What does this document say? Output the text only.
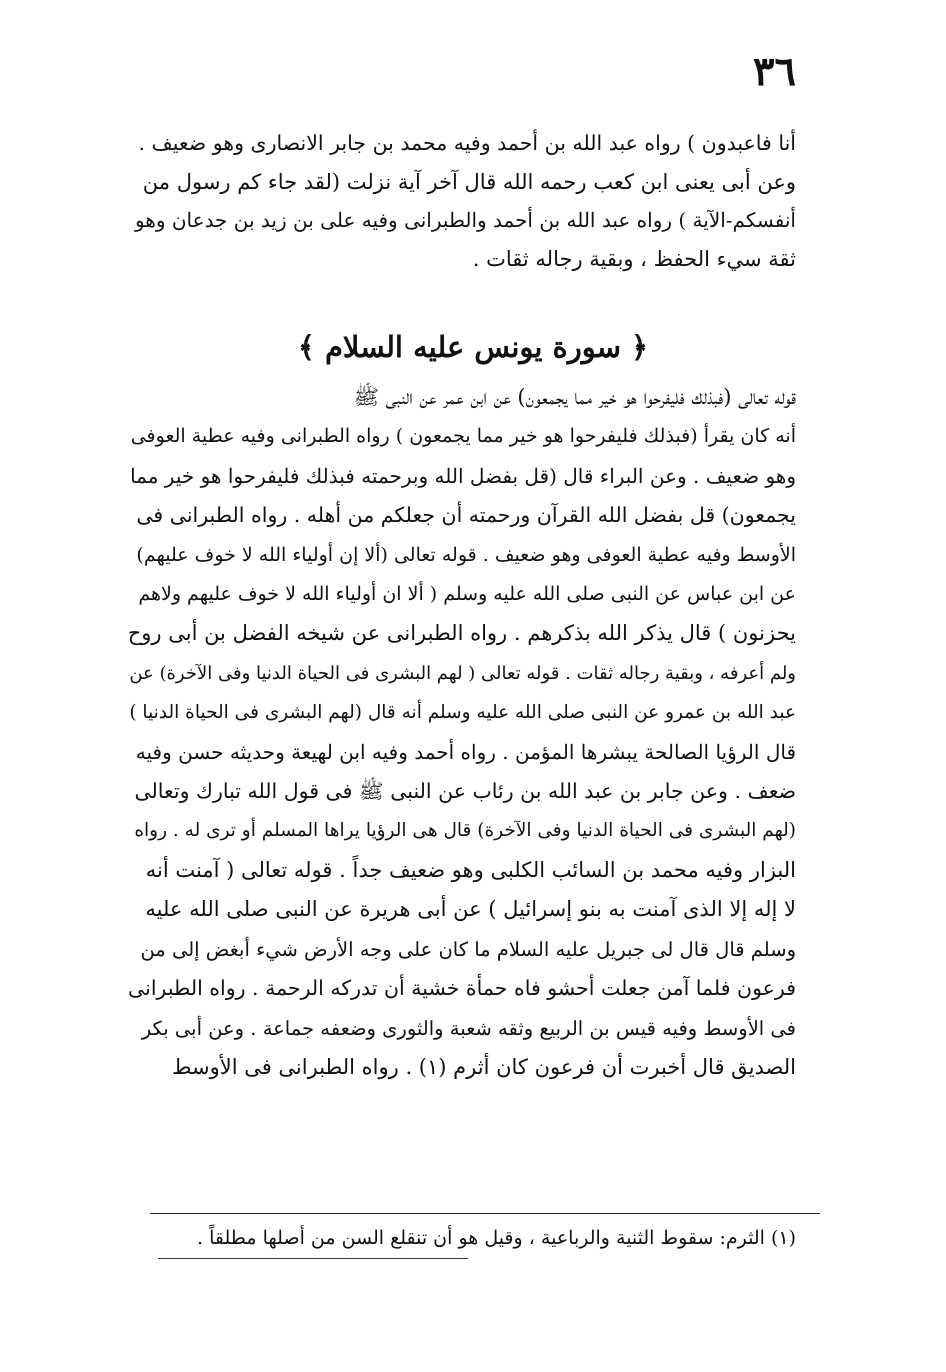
٣٦
أنا فاعبدون ) رواه عبد الله بن أحمد وفيه محمد بن جابر الانصارى وهو ضعيف .
وعن أبى يعنى ابن كعب رحمه الله قال آخر آية نزلت (لقد جاء كم رسول من
أنفسكم-الآية ) رواه عبد الله بن أحمد والطبرانى وفيه على بن زيد بن جدعان وهو
ثقة سيء الحفظ ، وبقية رجاله ثقات .
﴿ سورة يونس عليه السلام ﴾
قوله تعالى (فبذلك فليفرحوا هو خير مما يجمعون) عن ابن عمر عن النبى ﷺ
أنه كان يقرأ (فبذلك فليفرحوا هو خير مما يجمعون ) رواه الطبرانى وفيه عطية العوفى
وهو ضعيف . وعن البراء قال (قل بفضل الله وبرحمته فبذلك فليفرحوا هو خير مما
يجمعون) قل بفضل الله القرآن ورحمته أن جعلكم من أهله . رواه الطبرانى فى
الأوسط وفيه عطية العوفى وهو ضعيف . قوله تعالى (ألا إن أولياء الله لا خوف عليهم)
عن ابن عباس عن النبى صلى الله عليه وسلم ( ألا ان أولياء الله لا خوف عليهم ولاهم
يحزنون ) قال يذكر الله بذكرهم . رواه الطبرانى عن شيخه الفضل بن أبى روح
ولم أعرفه ، وبقية رجاله ثقات . قوله تعالى ( لهم البشرى فى الحياة الدنيا وفى الآخرة) عن
عبد الله بن عمرو عن النبى صلى الله عليه وسلم أنه قال (لهم البشرى فى الحياة الدنيا )
قال الرؤيا الصالحة يبشرها المؤمن . رواه أحمد وفيه ابن لهيعة وحديثه حسن وفيه
ضعف . وعن جابر بن عبد الله بن رئاب عن النبى ﷺ فى قول الله تبارك وتعالى
(لهم البشرى فى الحياة الدنيا وفى الآخرة) قال هى الرؤيا يراها المسلم أو ترى له . رواه
البزار وفيه محمد بن السائب الكلبى وهو ضعيف جداً . قوله تعالى ( آمنت أنه
لا إله إلا الذى آمنت به بنو إسرائيل ) عن أبى هريرة عن النبى صلى الله عليه
وسلم قال قال لى جبريل عليه السلام ما كان على وجه الأرض شيء أبغض إلى من
فرعون فلما آمن جعلت أحشو فاه حمأة خشية أن تدركه الرحمة . رواه الطبرانى
فى الأوسط وفيه قيس بن الربيع وثقه شعبة والثورى وضعفه جماعة . وعن أبى بكر
الصديق قال أخبرت أن فرعون كان أثرم (١) . رواه الطبرانى فى الأوسط
(١) الثرم: سقوط الثنية والرباعية ، وقيل هو أن تنقلع السن من أصلها مطلقاً .
